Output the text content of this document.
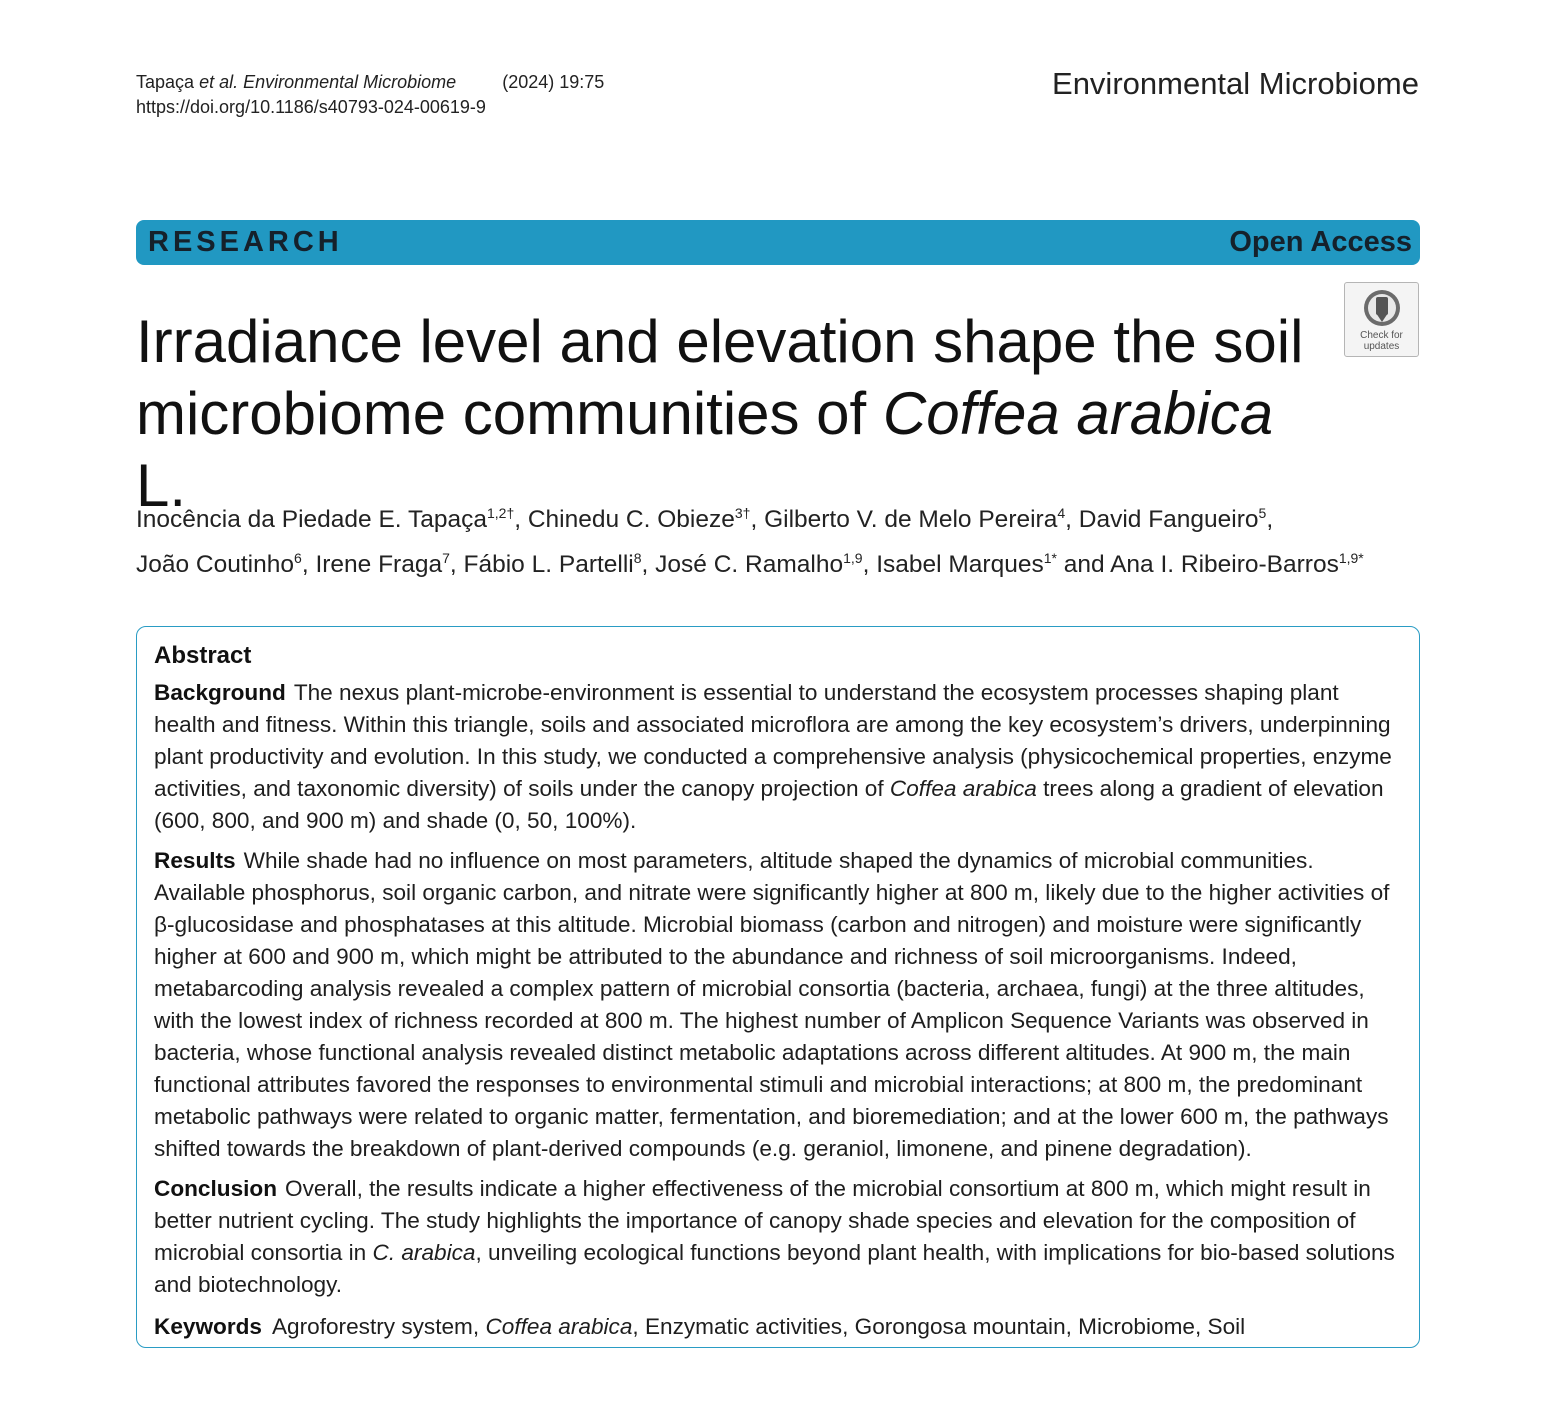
Tapaça et al. Environmental Microbiome	(2024) 19:75
https://doi.org/10.1186/s40793-024-00619-9
Environmental Microbiome
RESEARCH	Open Access
Check for
updates
Irradiance level and elevation shape the soil microbiome communities of Coffea arabica L.
Inocência da Piedade E. Tapaça$^{1,2\dagger}$, Chinedu C. Obieze$^{3\dagger}$, Gilberto V. de Melo Pereira$^4$, David Fangueiro$^5$,
João Coutinho$^6$, Irene Fraga$^7$, Fábio L. Partelli$^8$, José C. Ramalho$^{1,9}$, Isabel Marques$^{1*}$ and Ana I. Ribeiro-Barros$^{1,9*}$
Abstract

Background The nexus plant-microbe-environment is essential to understand the ecosystem processes shaping plant health and fitness. Within this triangle, soils and associated microflora are among the key ecosystem’s drivers, underpinning plant productivity and evolution. In this study, we conducted a comprehensive analysis (physicochemical properties, enzyme activities, and taxonomic diversity) of soils under the canopy projection of Coffea arabica trees along a gradient of elevation (600, 800, and 900 m) and shade (0, 50, 100%).

Results While shade had no influence on most parameters, altitude shaped the dynamics of microbial communities. Available phosphorus, soil organic carbon, and nitrate were significantly higher at 800 m, likely due to the higher activities of β-glucosidase and phosphatases at this altitude. Microbial biomass (carbon and nitrogen) and moisture were significantly higher at 600 and 900 m, which might be attributed to the abundance and richness of soil microorganisms. Indeed, metabarcoding analysis revealed a complex pattern of microbial consortia (bacteria, archaea, fungi) at the three altitudes, with the lowest index of richness recorded at 800 m. The highest number of Amplicon Sequence Variants was observed in bacteria, whose functional analysis revealed distinct metabolic adaptations across different altitudes. At 900 m, the main functional attributes favored the responses to environmental stimuli and microbial interactions; at 800 m, the predominant metabolic pathways were related to organic matter, fermentation, and bioremediation; and at the lower 600 m, the pathways shifted towards the breakdown of plant-derived compounds (e.g. geraniol, limonene, and pinene degradation).

Conclusion Overall, the results indicate a higher effectiveness of the microbial consortium at 800 m, which might result in better nutrient cycling. The study highlights the importance of canopy shade species and elevation for the composition of microbial consortia in C. arabica, unveiling ecological functions beyond plant health, with implications for bio-based solutions and biotechnology.

Keywords Agroforestry system, Coffea arabica, Enzymatic activities, Gorongosa mountain, Microbiome, Soil
